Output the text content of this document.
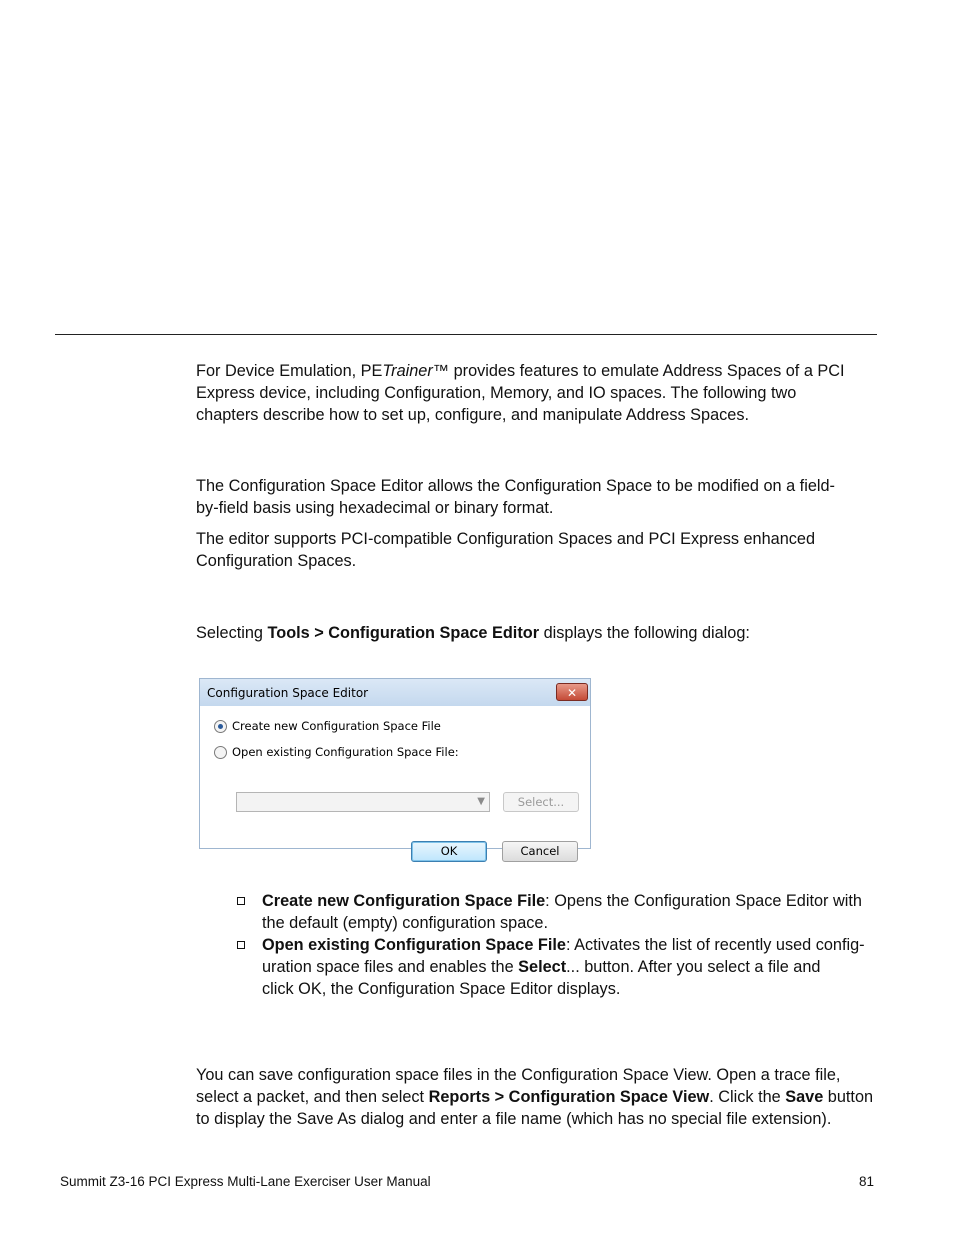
For Device Emulation, PETrainer™ provides features to emulate Address Spaces of a PCI
Express device, including Configuration, Memory, and IO spaces. The following two
chapters describe how to set up, configure, and manipulate Address Spaces.

The Configuration Space Editor allows the Configuration Space to be modified on a field-
by-field basis using hexadecimal or binary format.

The editor supports PCI-compatible Configuration Spaces and PCI Express enhanced
Configuration Spaces.

Selecting Tools > Configuration Space Editor displays the following dialog:

Configuration Space Editor	✕
Create new Configuration Space File
Open existing Configuration Space File:
▼	Select...
OK	Cancel

Create new Configuration Space File: Opens the Configuration Space Editor with
the default (empty) configuration space.

Open existing Configuration Space File: Activates the list of recently used config-
uration space files and enables the Select... button. After you select a file and
click OK, the Configuration Space Editor displays.

You can save configuration space files in the Configuration Space View. Open a trace file,
select a packet, and then select Reports > Configuration Space View. Click the Save button
to display the Save As dialog and enter a file name (which has no special file extension).

Summit Z3-16 PCI Express Multi-Lane Exerciser User Manual	81
